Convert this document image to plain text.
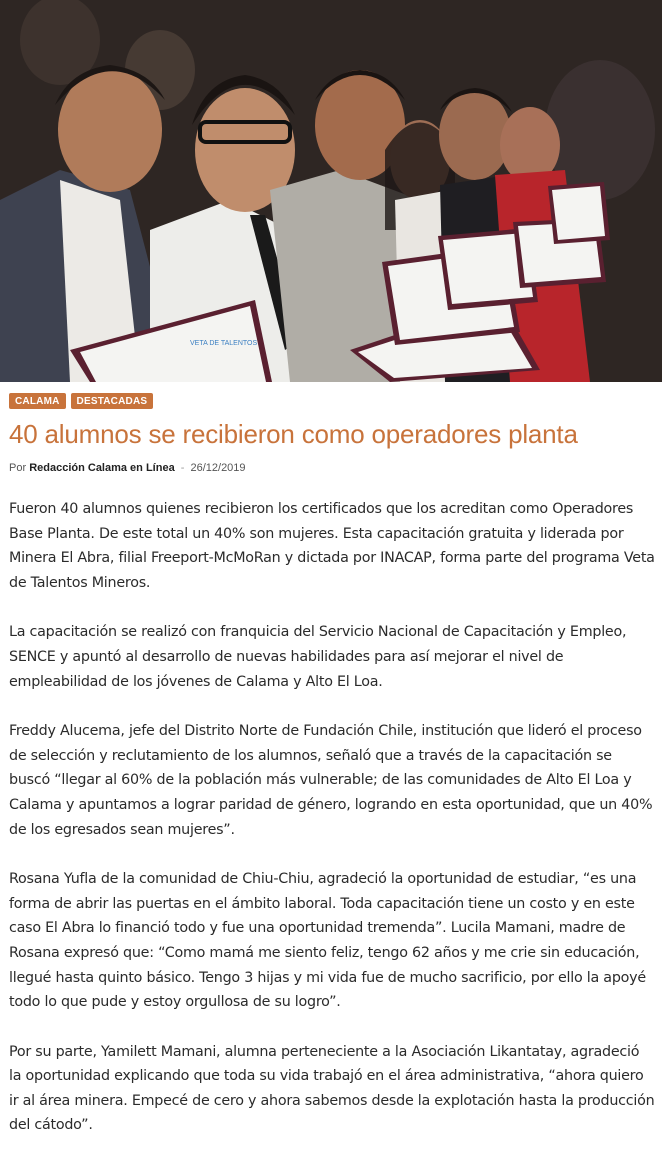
VETA DE TALENTOS
CALAMA	DESTACADAS
40 alumnos se recibieron como operadores planta
Por Redacción Calama en Línea - 26/12/2019

Fueron 40 alumnos quienes recibieron los certificados que los acreditan como Operadores Base Planta. De este total un 40% son mujeres. Esta capacitación gratuita y liderada por Minera El Abra, filial Freeport-McMoRan y dictada por INACAP, forma parte del programa Veta de Talentos Mineros.

La capacitación se realizó con franquicia del Servicio Nacional de Capacitación y Empleo, SENCE y apuntó al desarrollo de nuevas habilidades para así mejorar el nivel de empleabilidad de los jóvenes de Calama y Alto El Loa.

Freddy Alucema, jefe del Distrito Norte de Fundación Chile, institución que lideró el proceso de selección y reclutamiento de los alumnos, señaló que a través de la capacitación se buscó “llegar al 60% de la población más vulnerable; de las comunidades de Alto El Loa y Calama y apuntamos a lograr paridad de género, logrando en esta oportunidad, que un 40% de los egresados sean mujeres”.

Rosana Yufla de la comunidad de Chiu-Chiu, agradeció la oportunidad de estudiar, “es una forma de abrir las puertas en el ámbito laboral. Toda capacitación tiene un costo y en este caso El Abra lo financió todo y fue una oportunidad tremenda”. Lucila Mamani, madre de Rosana expresó que: “Como mamá me siento feliz, tengo 62 años y me crie sin educación, llegué hasta quinto básico. Tengo 3 hijas y mi vida fue de mucho sacrificio, por ello la apoyé todo lo que pude y estoy orgullosa de su logro”.

Por su parte, Yamilett Mamani, alumna perteneciente a la Asociación Likantatay, agradeció la oportunidad explicando que toda su vida trabajó en el área administrativa, “ahora quiero ir al área minera. Empecé de cero y ahora sabemos desde la explotación hasta la producción del cátodo”.
